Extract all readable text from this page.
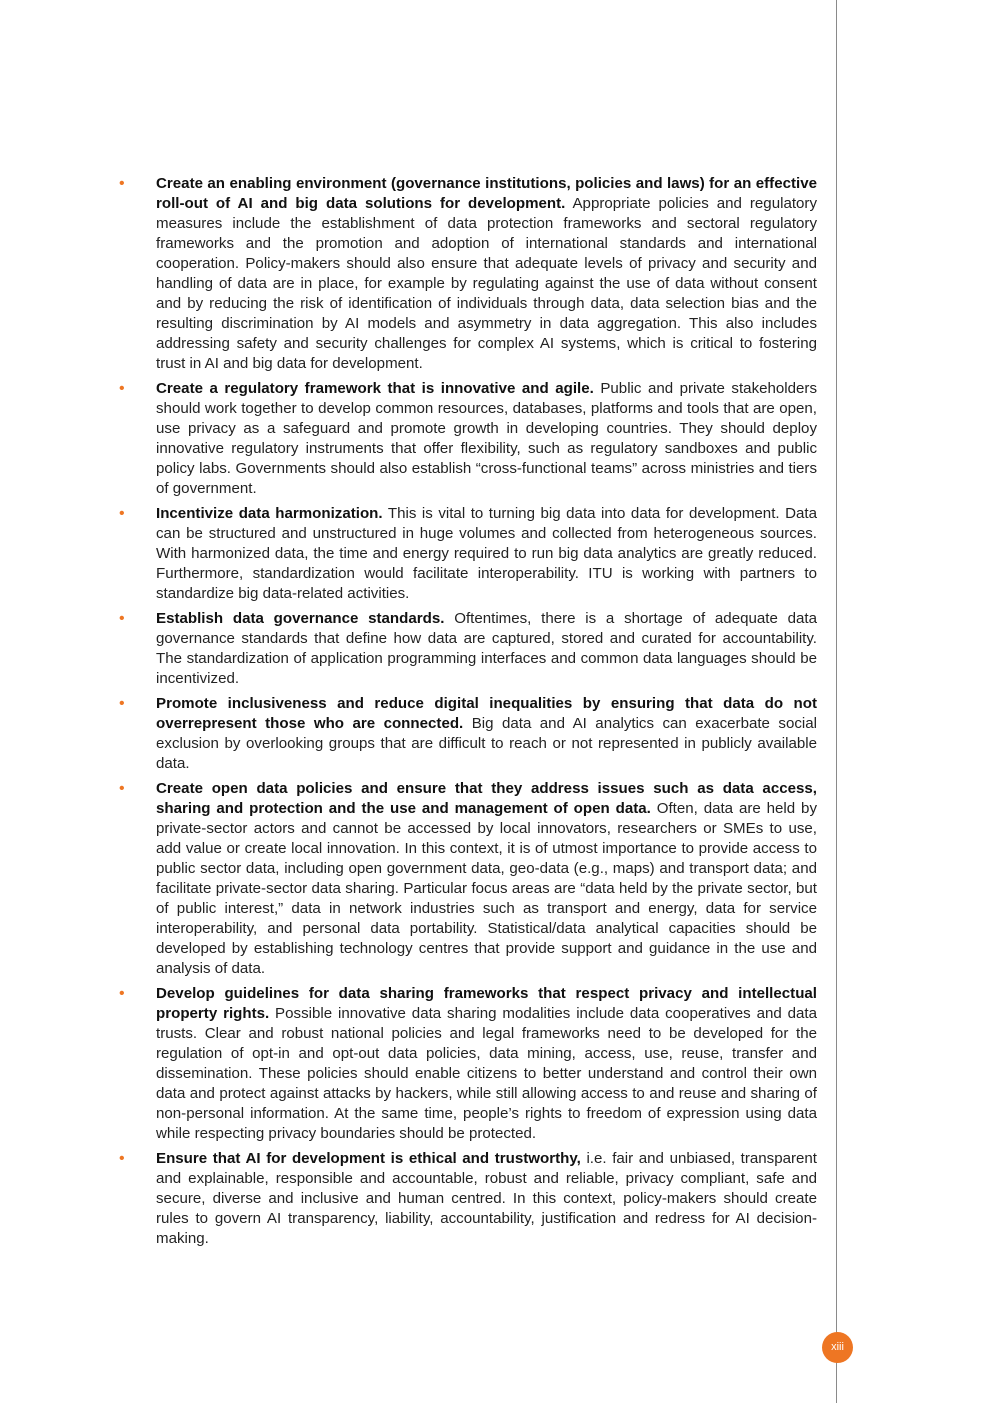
• Create an enabling environment (governance institutions, policies and laws) for an effective roll-out of AI and big data solutions for development. Appropriate policies and regulatory measures include the establishment of data protection frameworks and sectoral regulatory frameworks and the promotion and adoption of international standards and international cooperation. Policy-makers should also ensure that adequate levels of privacy and security and handling of data are in place, for example by regulating against the use of data without consent and by reducing the risk of identification of individuals through data, data selection bias and the resulting discrimination by AI models and asymmetry in data aggregation. This also includes addressing safety and security challenges for complex AI systems, which is critical to fostering trust in AI and big data for development.
• Create a regulatory framework that is innovative and agile. Public and private stakeholders should work together to develop common resources, databases, platforms and tools that are open, use privacy as a safeguard and promote growth in developing countries. They should deploy innovative regulatory instruments that offer flexibility, such as regulatory sandboxes and public policy labs. Governments should also establish “cross-functional teams” across ministries and tiers of government.
• Incentivize data harmonization. This is vital to turning big data into data for development. Data can be structured and unstructured in huge volumes and collected from heterogeneous sources. With harmonized data, the time and energy required to run big data analytics are greatly reduced. Furthermore, standardization would facilitate interoperability. ITU is working with partners to standardize big data-related activities.
• Establish data governance standards. Oftentimes, there is a shortage of adequate data governance standards that define how data are captured, stored and curated for accountability. The standardization of application programming interfaces and common data languages should be incentivized.
• Promote inclusiveness and reduce digital inequalities by ensuring that data do not overrepresent those who are connected. Big data and AI analytics can exacerbate social exclusion by overlooking groups that are difficult to reach or not represented in publicly available data.
• Create open data policies and ensure that they address issues such as data access, sharing and protection and the use and management of open data. Often, data are held by private-sector actors and cannot be accessed by local innovators, researchers or SMEs to use, add value or create local innovation. In this context, it is of utmost importance to provide access to public sector data, including open government data, geo-data (e.g., maps) and transport data; and facilitate private-sector data sharing. Particular focus areas are “data held by the private sector, but of public interest,” data in network industries such as transport and energy, data for service interoperability, and personal data portability. Statistical/data analytical capacities should be developed by establishing technology centres that provide support and guidance in the use and analysis of data.
• Develop guidelines for data sharing frameworks that respect privacy and intellectual property rights. Possible innovative data sharing modalities include data cooperatives and data trusts. Clear and robust national policies and legal frameworks need to be developed for the regulation of opt-in and opt-out data policies, data mining, access, use, reuse, transfer and dissemination. These policies should enable citizens to better understand and control their own data and protect against attacks by hackers, while still allowing access to and reuse and sharing of non-personal information. At the same time, people’s rights to freedom of expression using data while respecting privacy boundaries should be protected.
• Ensure that AI for development is ethical and trustworthy, i.e. fair and unbiased, transparent and explainable, responsible and accountable, robust and reliable, privacy compliant, safe and secure, diverse and inclusive and human centred. In this context, policy-makers should create rules to govern AI transparency, liability, accountability, justification and redress for AI decision-making.
xiii
